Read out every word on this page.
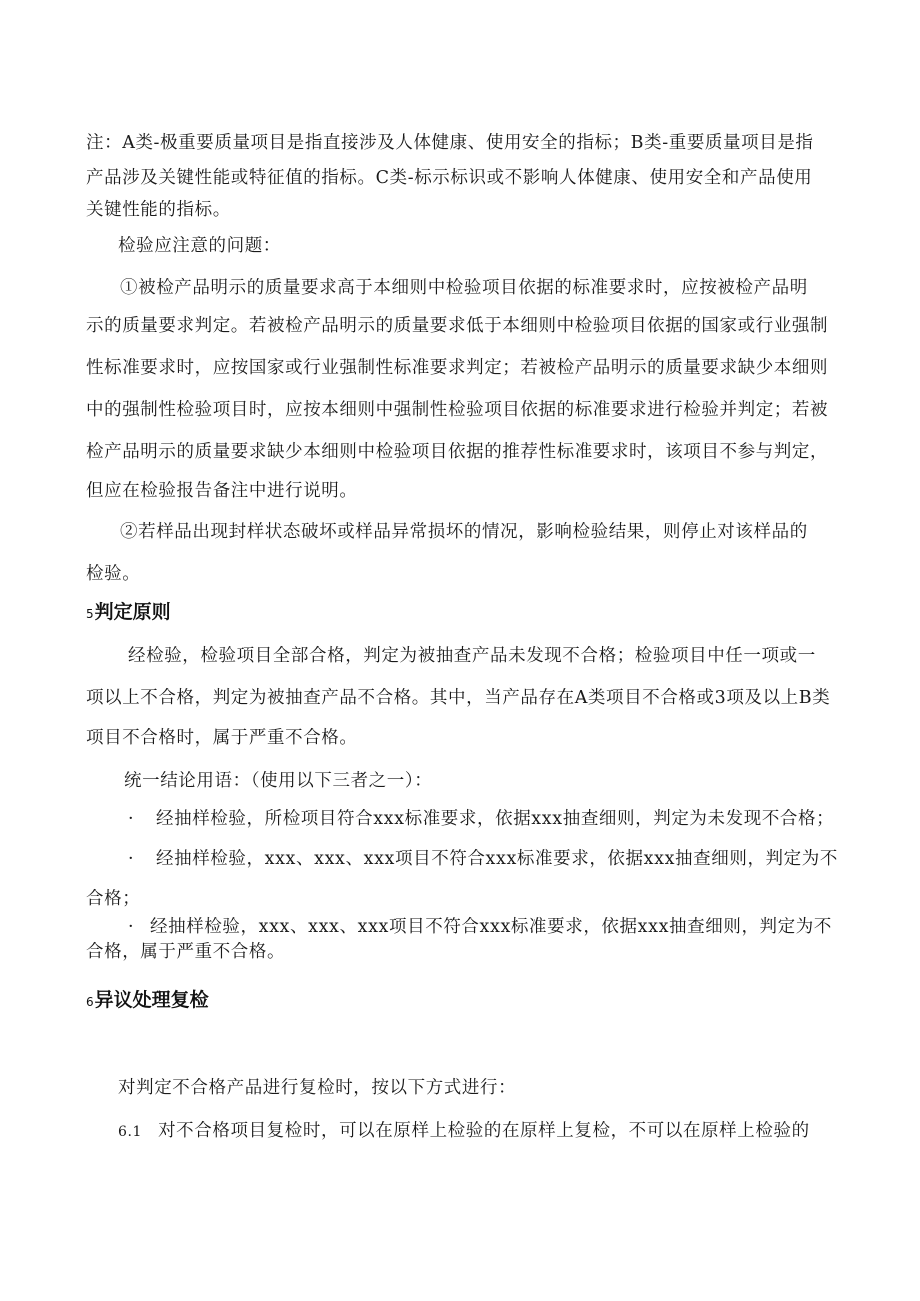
注：A类-极重要质量项目是指直接涉及人体健康、使用安全的指标；B类-重要质量项目是指
产品涉及关键性能或特征值的指标。C类-标示标识或不影响人体健康、使用安全和产品使用
关键性能的指标。
检验应注意的问题：
①被检产品明示的质量要求高于本细则中检验项目依据的标准要求时，应按被检产品明
示的质量要求判定。若被检产品明示的质量要求低于本细则中检验项目依据的国家或行业强制
性标准要求时，应按国家或行业强制性标准要求判定；若被检产品明示的质量要求缺少本细则
中的强制性检验项目时，应按本细则中强制性检验项目依据的标准要求进行检验并判定；若被
检产品明示的质量要求缺少本细则中检验项目依据的推荐性标准要求时，该项目不参与判定，
但应在检验报告备注中进行说明。
②若样品出现封样状态破坏或样品异常损坏的情况，影响检验结果，则停止对该样品的
检验。
5判定原则
经检验，检验项目全部合格，判定为被抽查产品未发现不合格；检验项目中任一项或一
项以上不合格，判定为被抽查产品不合格。其中，当产品存在A类项目不合格或3项及以上B类
项目不合格时，属于严重不合格。
统一结论用语：（使用以下三者之一）：
· 经抽样检验，所检项目符合xxx标准要求，依据xxx抽查细则，判定为未发现不合格；
· 经抽样检验，xxx、xxx、xxx项目不符合xxx标准要求，依据xxx抽查细则，判定为不
合格；
· 经抽样检验，xxx、xxx、xxx项目不符合xxx标准要求，依据xxx抽查细则，判定为不
合格，属于严重不合格。
6异议处理复检
对判定不合格产品进行复检时，按以下方式进行：
6.1 对不合格项目复检时，可以在原样上检验的在原样上复检，不可以在原样上检验的
